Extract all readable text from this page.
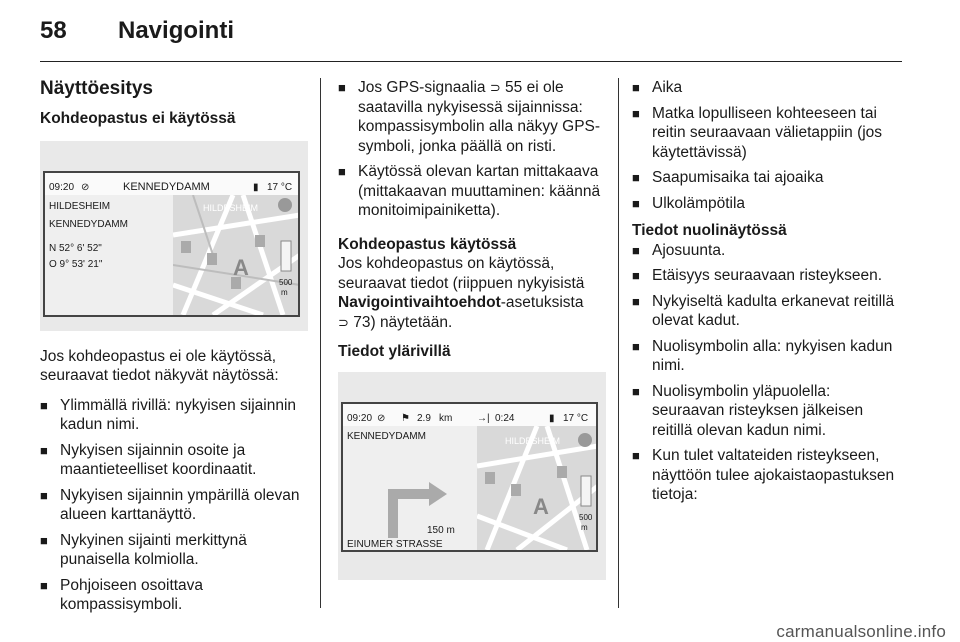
58 Navigointi
Näyttöesitys
Kohdeopastus ei käytössä
09:20 ⊘	KENNEDYDAMM	▮ 17 °C
HILDESHEIM
KENNEDYDAMM
N 52° 6' 52"
O 9° 53' 21"	A
HILDESHEIM
500
m

Jos kohdeopastus ei ole käytössä, seuraavat tiedot näkyvät näytössä:

■ Ylimmällä rivillä: nykyisen sijainnin kadun nimi.
■ Nykyisen sijainnin osoite ja maantieteelliset koordinaatit.
■ Nykyisen sijainnin ympärillä olevan alueen karttanäyttö.
■ Nykyinen sijainti merkittynä punaisella kolmiolla.
■ Pohjoiseen osoittava kompassisymboli.
■ Jos GPS-signaalia ⊃ 55 ei ole saatavilla nykyisessä sijainnissa: kompassisymbolin alla näkyy GPS-symboli, jonka päällä on risti.
■ Käytössä olevan kartan mittakaava (mittakaavan muuttaminen: käännä monitoimipainiketta).
Kohdeopastus käytössä

Jos kohdeopastus on käytössä, seuraavat tiedot (riippuen nykyisistä Navigointivaihtoehdot-asetuksista
⊃ 73) näytetään.

Tiedot ylärivillä
09:20 ⊘ ⚑ 2.9 km →| 0:24	▮ 17 °C
KENNEDYDAMM
150 m
EINUMER STRASSE
A
HILDESHEIM
500
m
■ Aika
■ Matka lopulliseen kohteeseen tai reitin seuraavaan välietappiin (jos käytettävissä)
■ Saapumisaika tai ajoaika
■ Ulkolämpötila
Tiedot nuolinäytössä
■ Ajosuunta.
■ Etäisyys seuraavaan risteykseen.
■ Nykyiseltä kadulta erkanevat reitillä olevat kadut.
■ Nuolisymbolin alla: nykyisen kadun nimi.
■ Nuolisymbolin yläpuolella: seuraavan risteyksen jälkeisen reitillä olevan kadun nimi.
■ Kun tulet valtateiden risteykseen, näyttöön tulee ajokaistaopastuksen tietoja:
carmanualsonline.info
